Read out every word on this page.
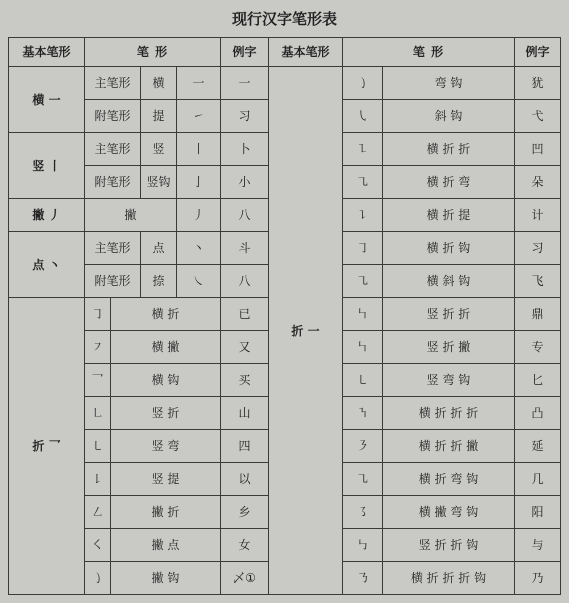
现行汉字笔形表
基本笔形	笔 形				例字	基本笔形	笔 形		例字
横 一	主笔形		横	一	一	折 一	㇁	弯 钩	犹
	附笔形		提	㇀	习		㇂	斜 钩	弋
竖 丨	主笔形		竖	丨	卜		㇅	横 折 折	凹
	附笔形		竖钩	亅	小		㇈	横 折 弯	朵
撇 丿	撇			丿	八		㇊	横 折 提	计
点 丶	主笔形		点	丶	斗		㇆	横 折 钩	习
	附笔形		捺	㇏	八		㇈	横 斜 钩	飞
折 乛	㇆	横 折			已		㇞	竖 折 折	鼎
	㇇	横 撇			又		㇞	竖 折 撇	专
	乛	横 钩			买		㇄	竖 弯 钩	匕
	㇗	竖 折			山		㇎	横 折 折 折	凸
	㇄	竖 弯			四		㇋	横 折 折 撇	延
	㇙	竖 提			以		㇈	横 折 弯 钩	几
	㇜	撇 折			乡		㇌	横 撇 弯 钩	阳
	㇛	撇 点			女		㇉	竖 折 折 钩	与
	㇁	撇 钩			乄①		㇡	横 折 折 折 钩	乃
